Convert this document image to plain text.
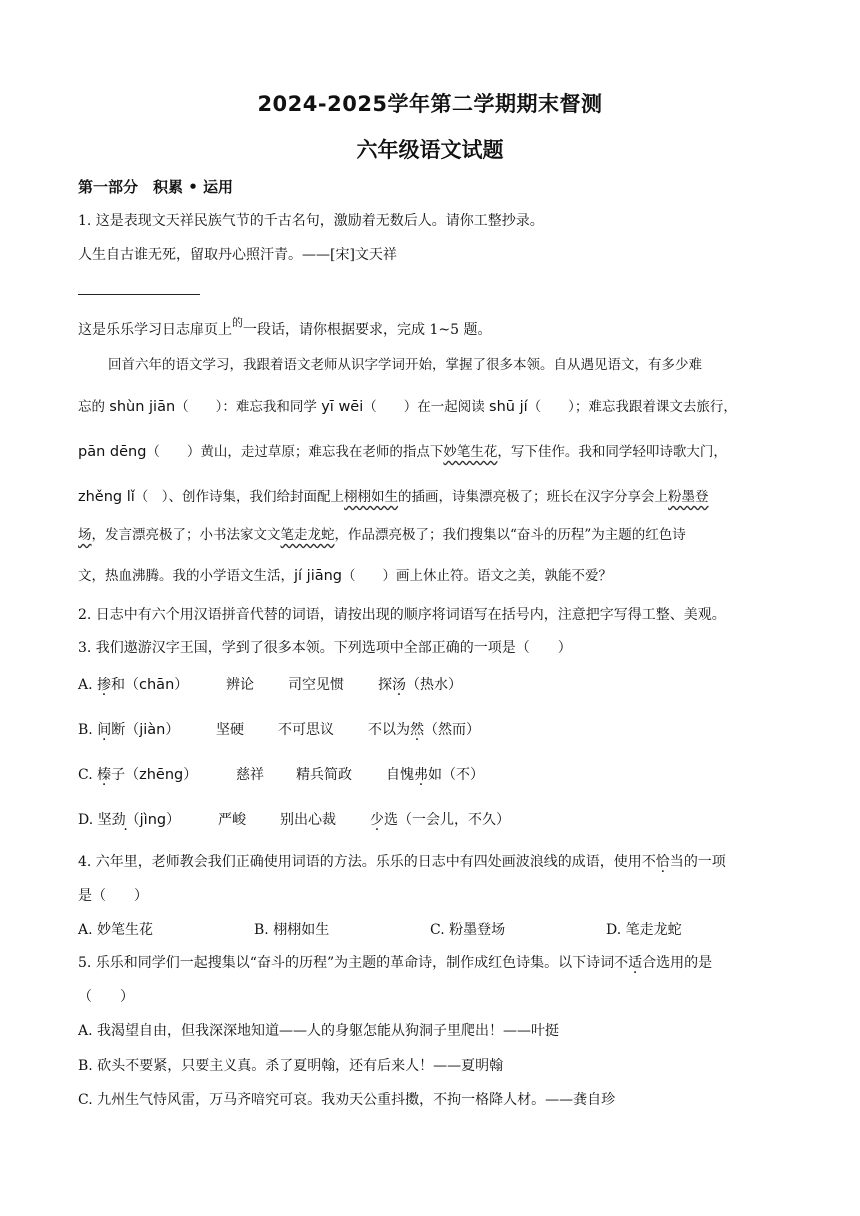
2024-2025学年第二学期期末督测
六年级语文试题
第一部分　积累 • 运用
1. 这是表现文天祥民族气节的千古名句，激励着无数后人。请你工整抄录。
人生自古谁无死，留取丹心照汗青。——[宋]文天祥
这是乐乐学习日志扉页上$^的$一段话，请你根据要求，完成 1~5 题。
回首六年的语文学习，我跟着语文老师从识字学词开始，掌握了很多本领。自从遇见语文，有多少难
忘的 shùn jiān（　　）：难忘我和同学 yī wēi（　　）在一起阅读 shū jí（　　）；难忘我跟着课文去旅行，
pān dēng（　　）黄山，走过草原；难忘我在老师的指点下妙笔生花，写下佳作。我和同学轻叩诗歌大门，
zhěng lǐ（　）、创作诗集，我们给封面配上栩栩如生的插画，诗集漂亮极了；班长在汉字分享会上粉墨登
场，发言漂亮极了；小书法家文文笔走龙蛇，作品漂亮极了；我们搜集以“奋斗的历程”为主题的红色诗
文，热血沸腾。我的小学语文生活，jí jiāng（　　）画上休止符。语文之美，孰能不爱？
2. 日志中有六个用汉语拼音代替的词语，请按出现的顺序将词语写在括号内，注意把字写得工整、美观。
3. 我们遨游汉字王国，学到了很多本领。下列选项中全部正确的一项是（　　）
A. 掺和（chān）	辨论 司空见惯 探汤（热水）
B. 间断（jiàn）	坚硬 不可思议 不以为然（然而）
C. 榛子（zhēng）	慈祥 精兵简政 自愧弗如（不）
D. 坚劲（ ·jìng）	严峻 别出心裁 少选（一会儿，不久）
4. 六年里，老师教会我们正确使用词语的方法。乐乐的日志中有四处画波浪线的成语，使用不恰当的一项
是（　　）
A. 妙笔生花	B. 栩栩如生	C. 粉墨登场	D. 笔走龙蛇
5. 乐乐和同学们一起搜集以“奋斗的历程”为主题的革命诗，制作成红色诗集。以下诗词不适合选用的是
（　　）
A. 我渴望自由，但我深深地知道——人的身躯怎能从狗洞子里爬出！——叶挺
B. 砍头不要紧，只要主义真。杀了夏明翰，还有后来人！——夏明翰
C. 九州生气恃风雷，万马齐喑究可哀。我劝天公重抖擞，不拘一格降人材。——龚自珍
